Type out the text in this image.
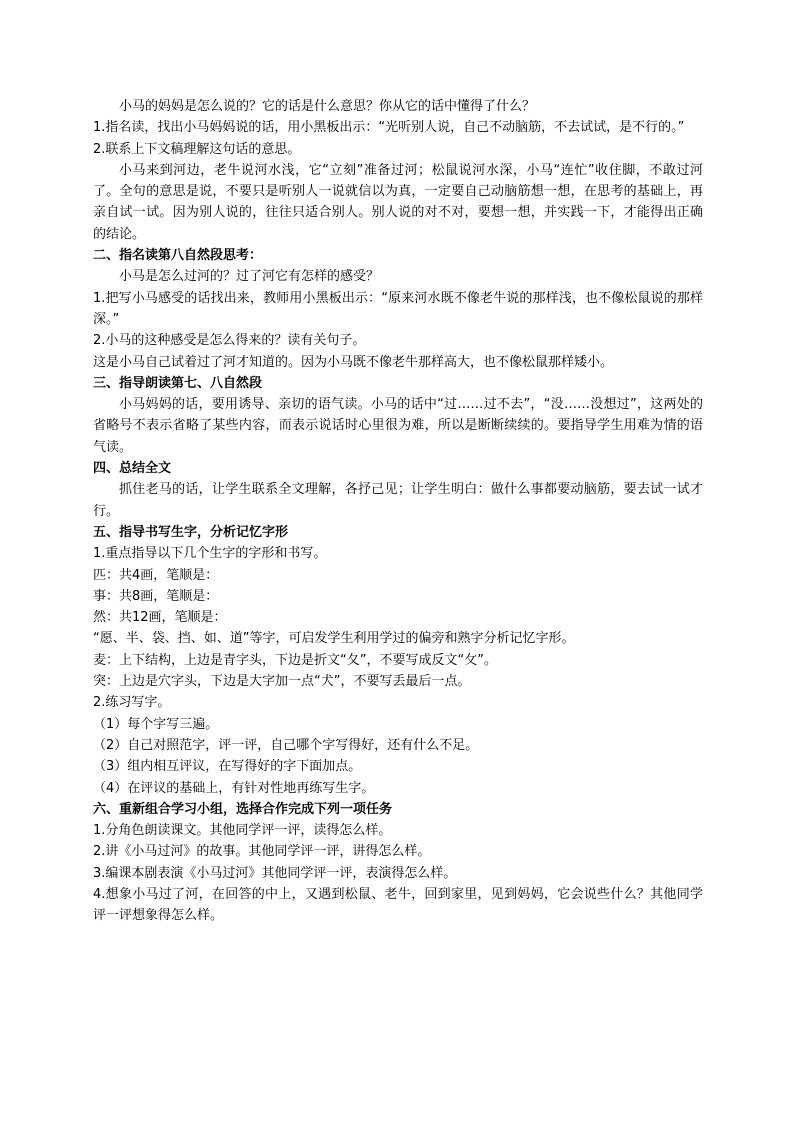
小马的妈妈是怎么说的？它的话是什么意思？你从它的话中懂得了什么？

1.指名读，找出小马妈妈说的话，用小黑板出示：“光听别人说，自己不动脑筋，不去试试，是不行的。”

2.联系上下文稿理解这句话的意思。

小马来到河边，老牛说河水浅，它“立刻”准备过河；松鼠说河水深，小马“连忙”收住脚，不敢过河了。全句的意思是说，不要只是听别人一说就信以为真，一定要自己动脑筋想一想，在思考的基础上，再亲自试一试。因为别人说的，往往只适合别人。别人说的对不对，要想一想，并实践一下，才能得出正确的结论。

二、指名读第八自然段思考：

小马是怎么过河的？过了河它有怎样的感受？

1.把写小马感受的话找出来，教师用小黑板出示：“原来河水既不像老牛说的那样浅，也不像松鼠说的那样深。”

2.小马的这种感受是怎么得来的？读有关句子。

这是小马自己试着过了河才知道的。因为小马既不像老牛那样高大，也不像松鼠那样矮小。

三、指导朗读第七、八自然段

小马妈妈的话，要用诱导、亲切的语气读。小马的话中“过……过不去”，“没……没想过”，这两处的省略号不表示省略了某些内容，而表示说话时心里很为难，所以是断断续续的。要指导学生用难为情的语气读。

四、总结全文

抓住老马的话，让学生联系全文理解，各抒己见；让学生明白：做什么事都要动脑筋，要去试一试才行。

五、指导书写生字，分析记忆字形

1.重点指导以下几个生字的字形和书写。

匹：共4画，笔顺是：

事：共8画，笔顺是：

然：共12画，笔顺是：

“愿、半、袋、挡、如、道”等字，可启发学生利用学过的偏旁和熟字分析记忆字形。

麦：上下结构，上边是青字头，下边是折文“夂”，不要写成反文“攵”。

突：上边是穴字头，下边是大字加一点“犬”，不要写丢最后一点。

2.练习写字。

（1）每个字写三遍。

（2）自己对照范字，评一评，自己哪个字写得好，还有什么不足。

（3）组内相互评议，在写得好的字下面加点。

（4）在评议的基础上，有针对性地再练写生字。

六、重新组合学习小组，选择合作完成下列一项任务

1.分角色朗读课文。其他同学评一评，读得怎么样。

2.讲《小马过河》的故事。其他同学评一评，讲得怎么样。

3.编课本剧表演《小马过河》其他同学评一评，表演得怎么样。

4.想象小马过了河，在回答的中上，又遇到松鼠、老牛，回到家里，见到妈妈，它会说些什么？其他同学评一评想象得怎么样。
